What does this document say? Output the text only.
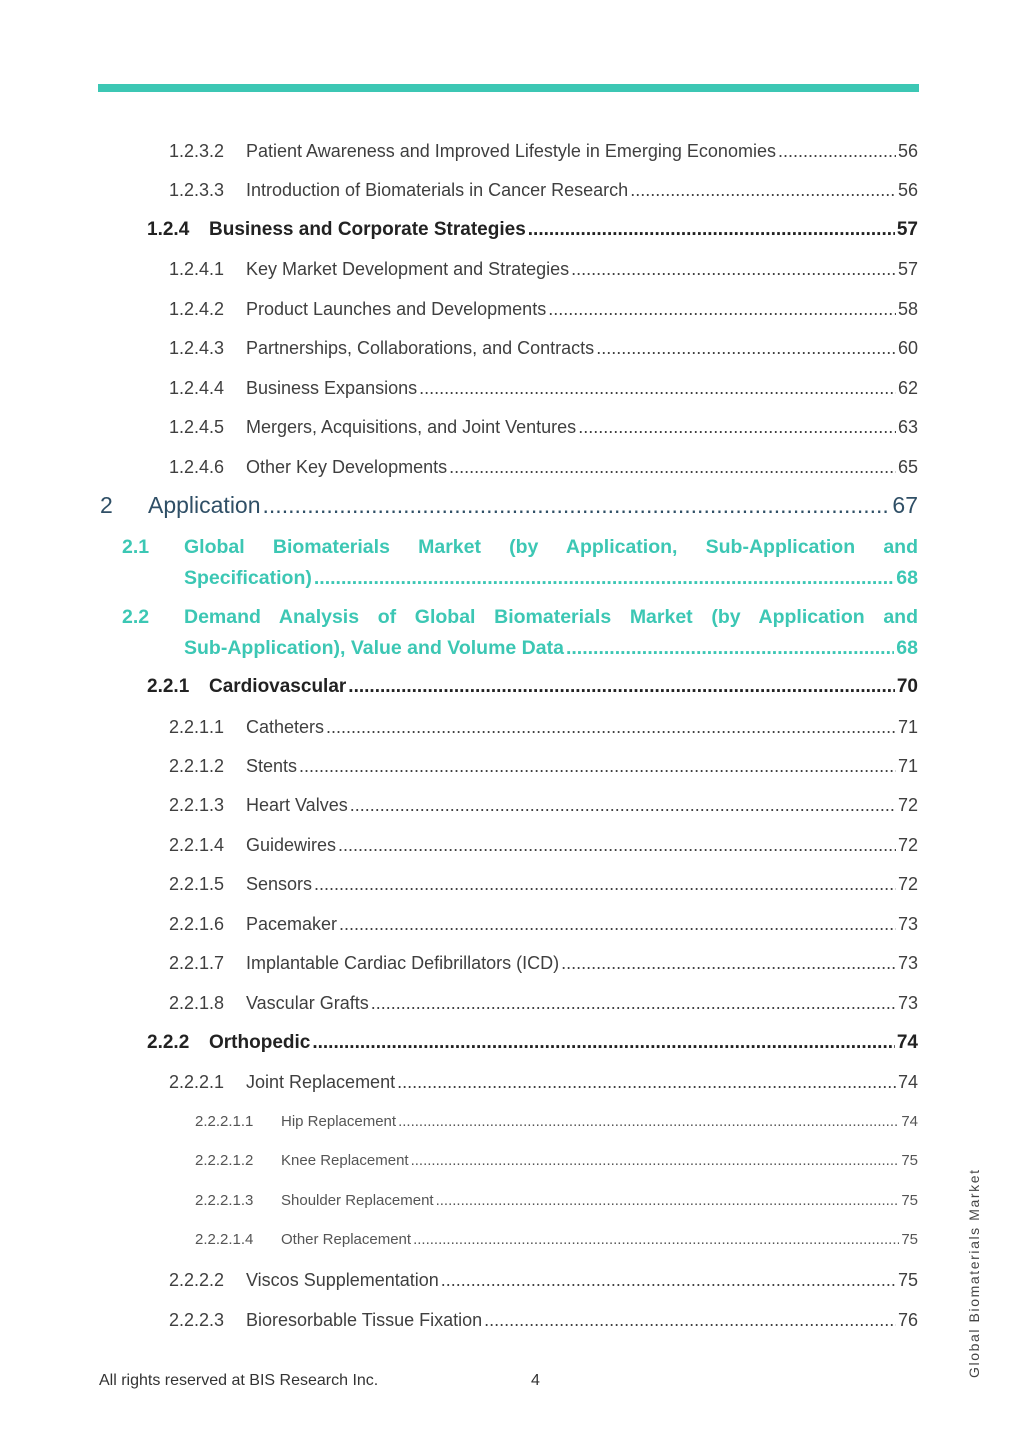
1.2.3.2	Patient Awareness and Improved Lifestyle in Emerging Economies .....	56
1.2.3.3	Introduction of Biomaterials in Cancer Research .....	56
1.2.4	Business and Corporate Strategies .....	57
1.2.4.1	Key Market Development and Strategies .....	57
1.2.4.2	Product Launches and Developments .....	58
1.2.4.3	Partnerships, Collaborations, and Contracts .....	60
1.2.4.4	Business Expansions .....	62
1.2.4.5	Mergers, Acquisitions, and Joint Ventures .....	63
1.2.4.6	Other Key Developments .....	65
2	Application .....	67
2.1 Global Biomaterials Market (by Application, Sub-Application and
Specification) .....	68
2.2 Demand Analysis of Global Biomaterials Market (by Application and
Sub-Application), Value and Volume Data .....	68
2.2.1	Cardiovascular .....	70
2.2.1.1	Catheters .....	71
2.2.1.2	Stents .....	71
2.2.1.3	Heart Valves .....	72
2.2.1.4	Guidewires .....	72
2.2.1.5	Sensors .....	72
2.2.1.6	Pacemaker .....	73
2.2.1.7	Implantable Cardiac Defibrillators (ICD) .....	73
2.2.1.8	Vascular Grafts .....	73
2.2.2	Orthopedic .....	74
2.2.2.1	Joint Replacement .....	74
2.2.2.1.1	Hip Replacement .....	74
2.2.2.1.2	Knee Replacement .....	75
2.2.2.1.3	Shoulder Replacement .....	75
2.2.2.1.4	Other Replacement .....	75
2.2.2.2	Viscos Supplementation .....	75
2.2.2.3	Bioresorbable Tissue Fixation .....	76
All rights reserved at BIS Research Inc.	4
Global Biomaterials Market
